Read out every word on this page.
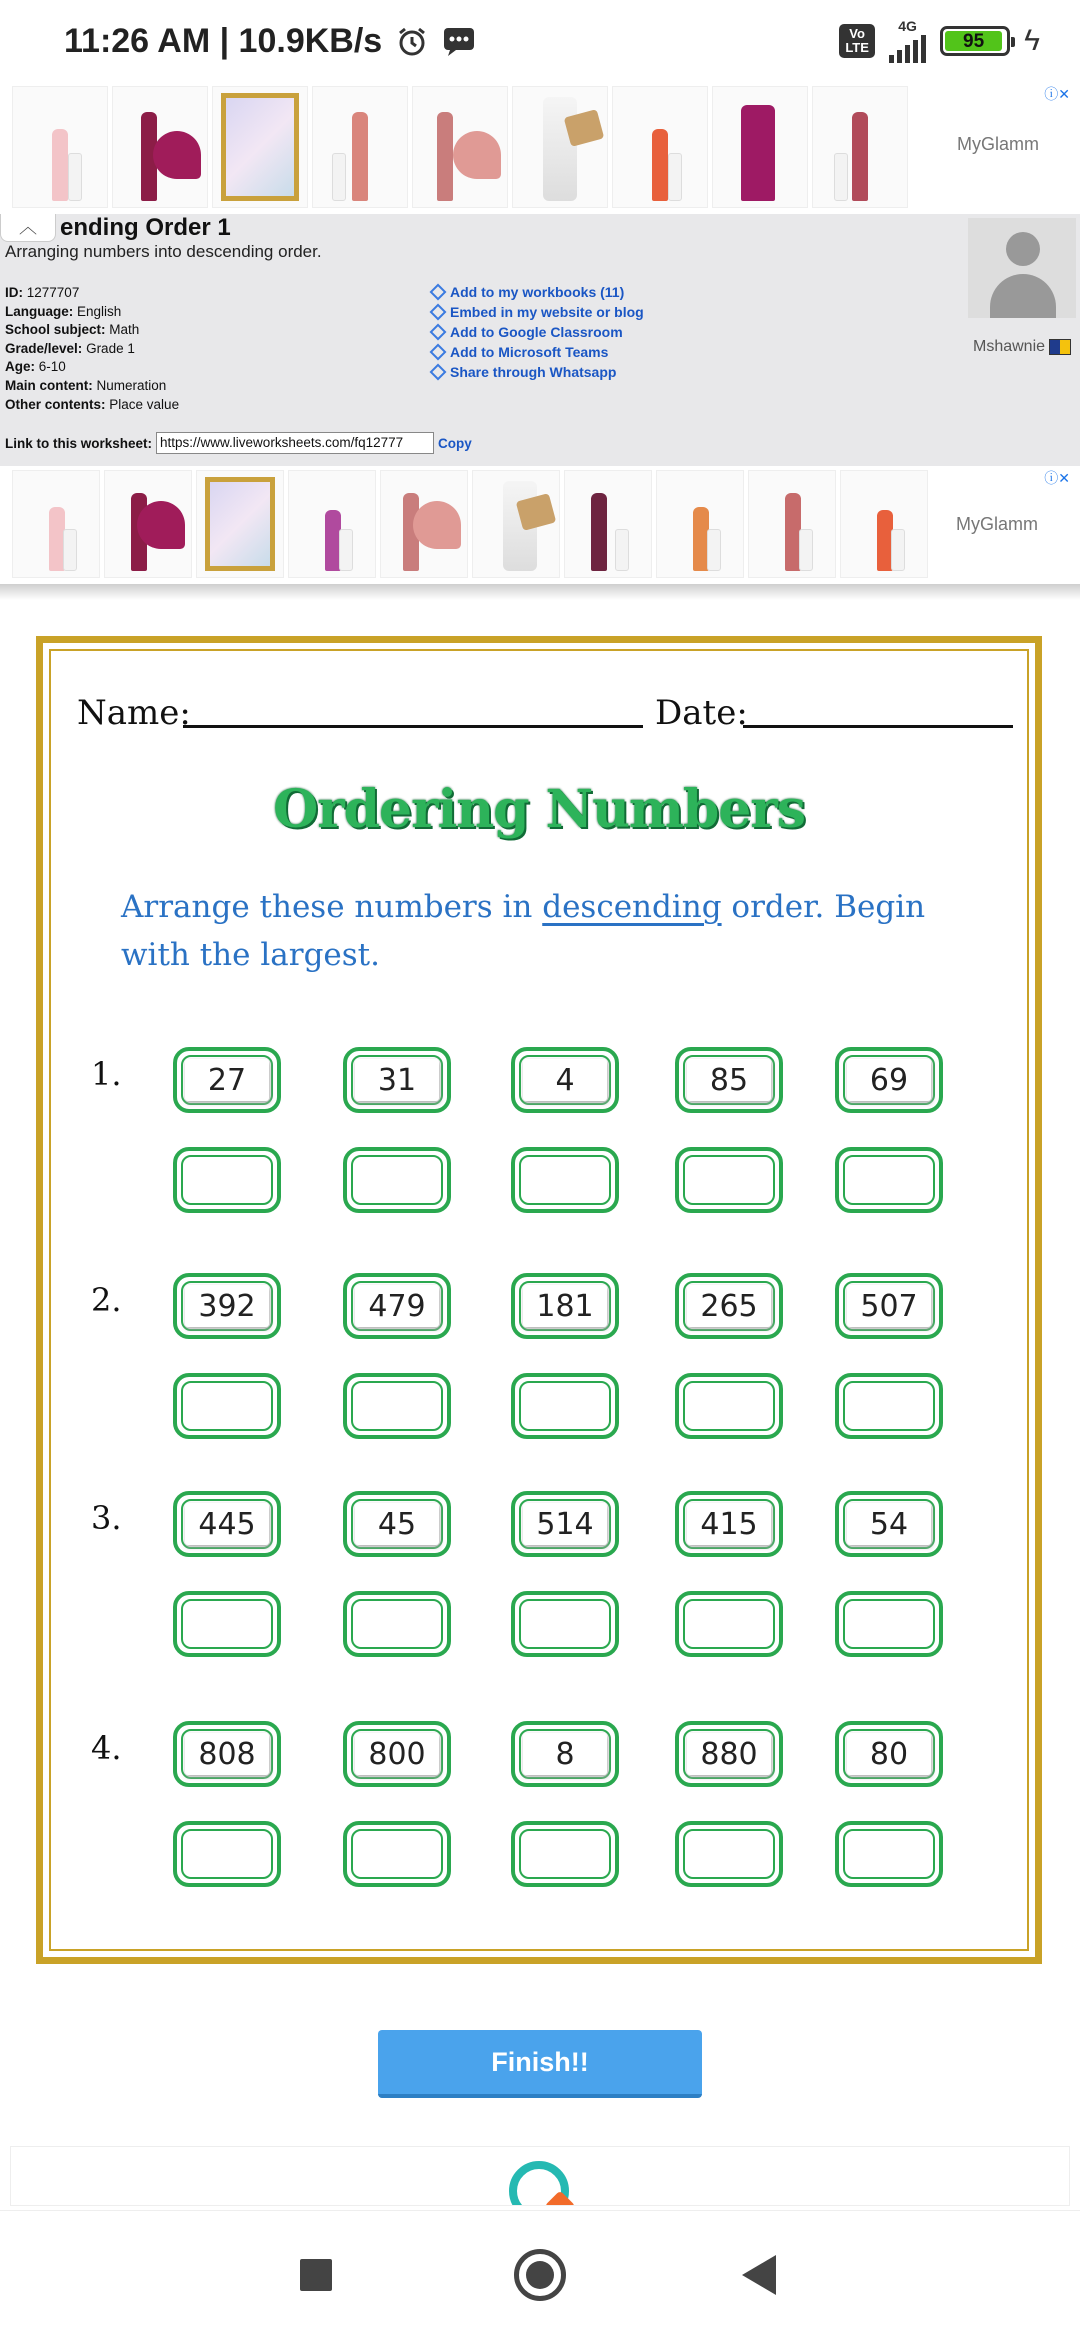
11:26 AM | 10.9KB/s	Vo LTE
4G
95	ϟ
MyGlamm
ⓘ✕
︿ ending Order 1
Arranging numbers into descending order.
ID: 1277707
Language: English
School subject: Math
Grade/level: Grade 1
Age: 6-10
Main content: Numeration
Other contents: Place value
Add to my workbooks (11)
Embed in my website or blog
Add to Google Classroom
Add to Microsoft Teams
Share through Whatsapp
Mshawnie
Link to this worksheet: https://www.liveworksheets.com/fq12777	Copy
MyGlamm
ⓘ✕
Name:	Date:
Ordering Numbers
Arrange these numbers in descending order. Begin with the largest.
1.	27	31	4	85	69
2.	392	479	181	265	507
3.	445	45	514	415	54
4.	808	800	8	880	80
Finish!!
